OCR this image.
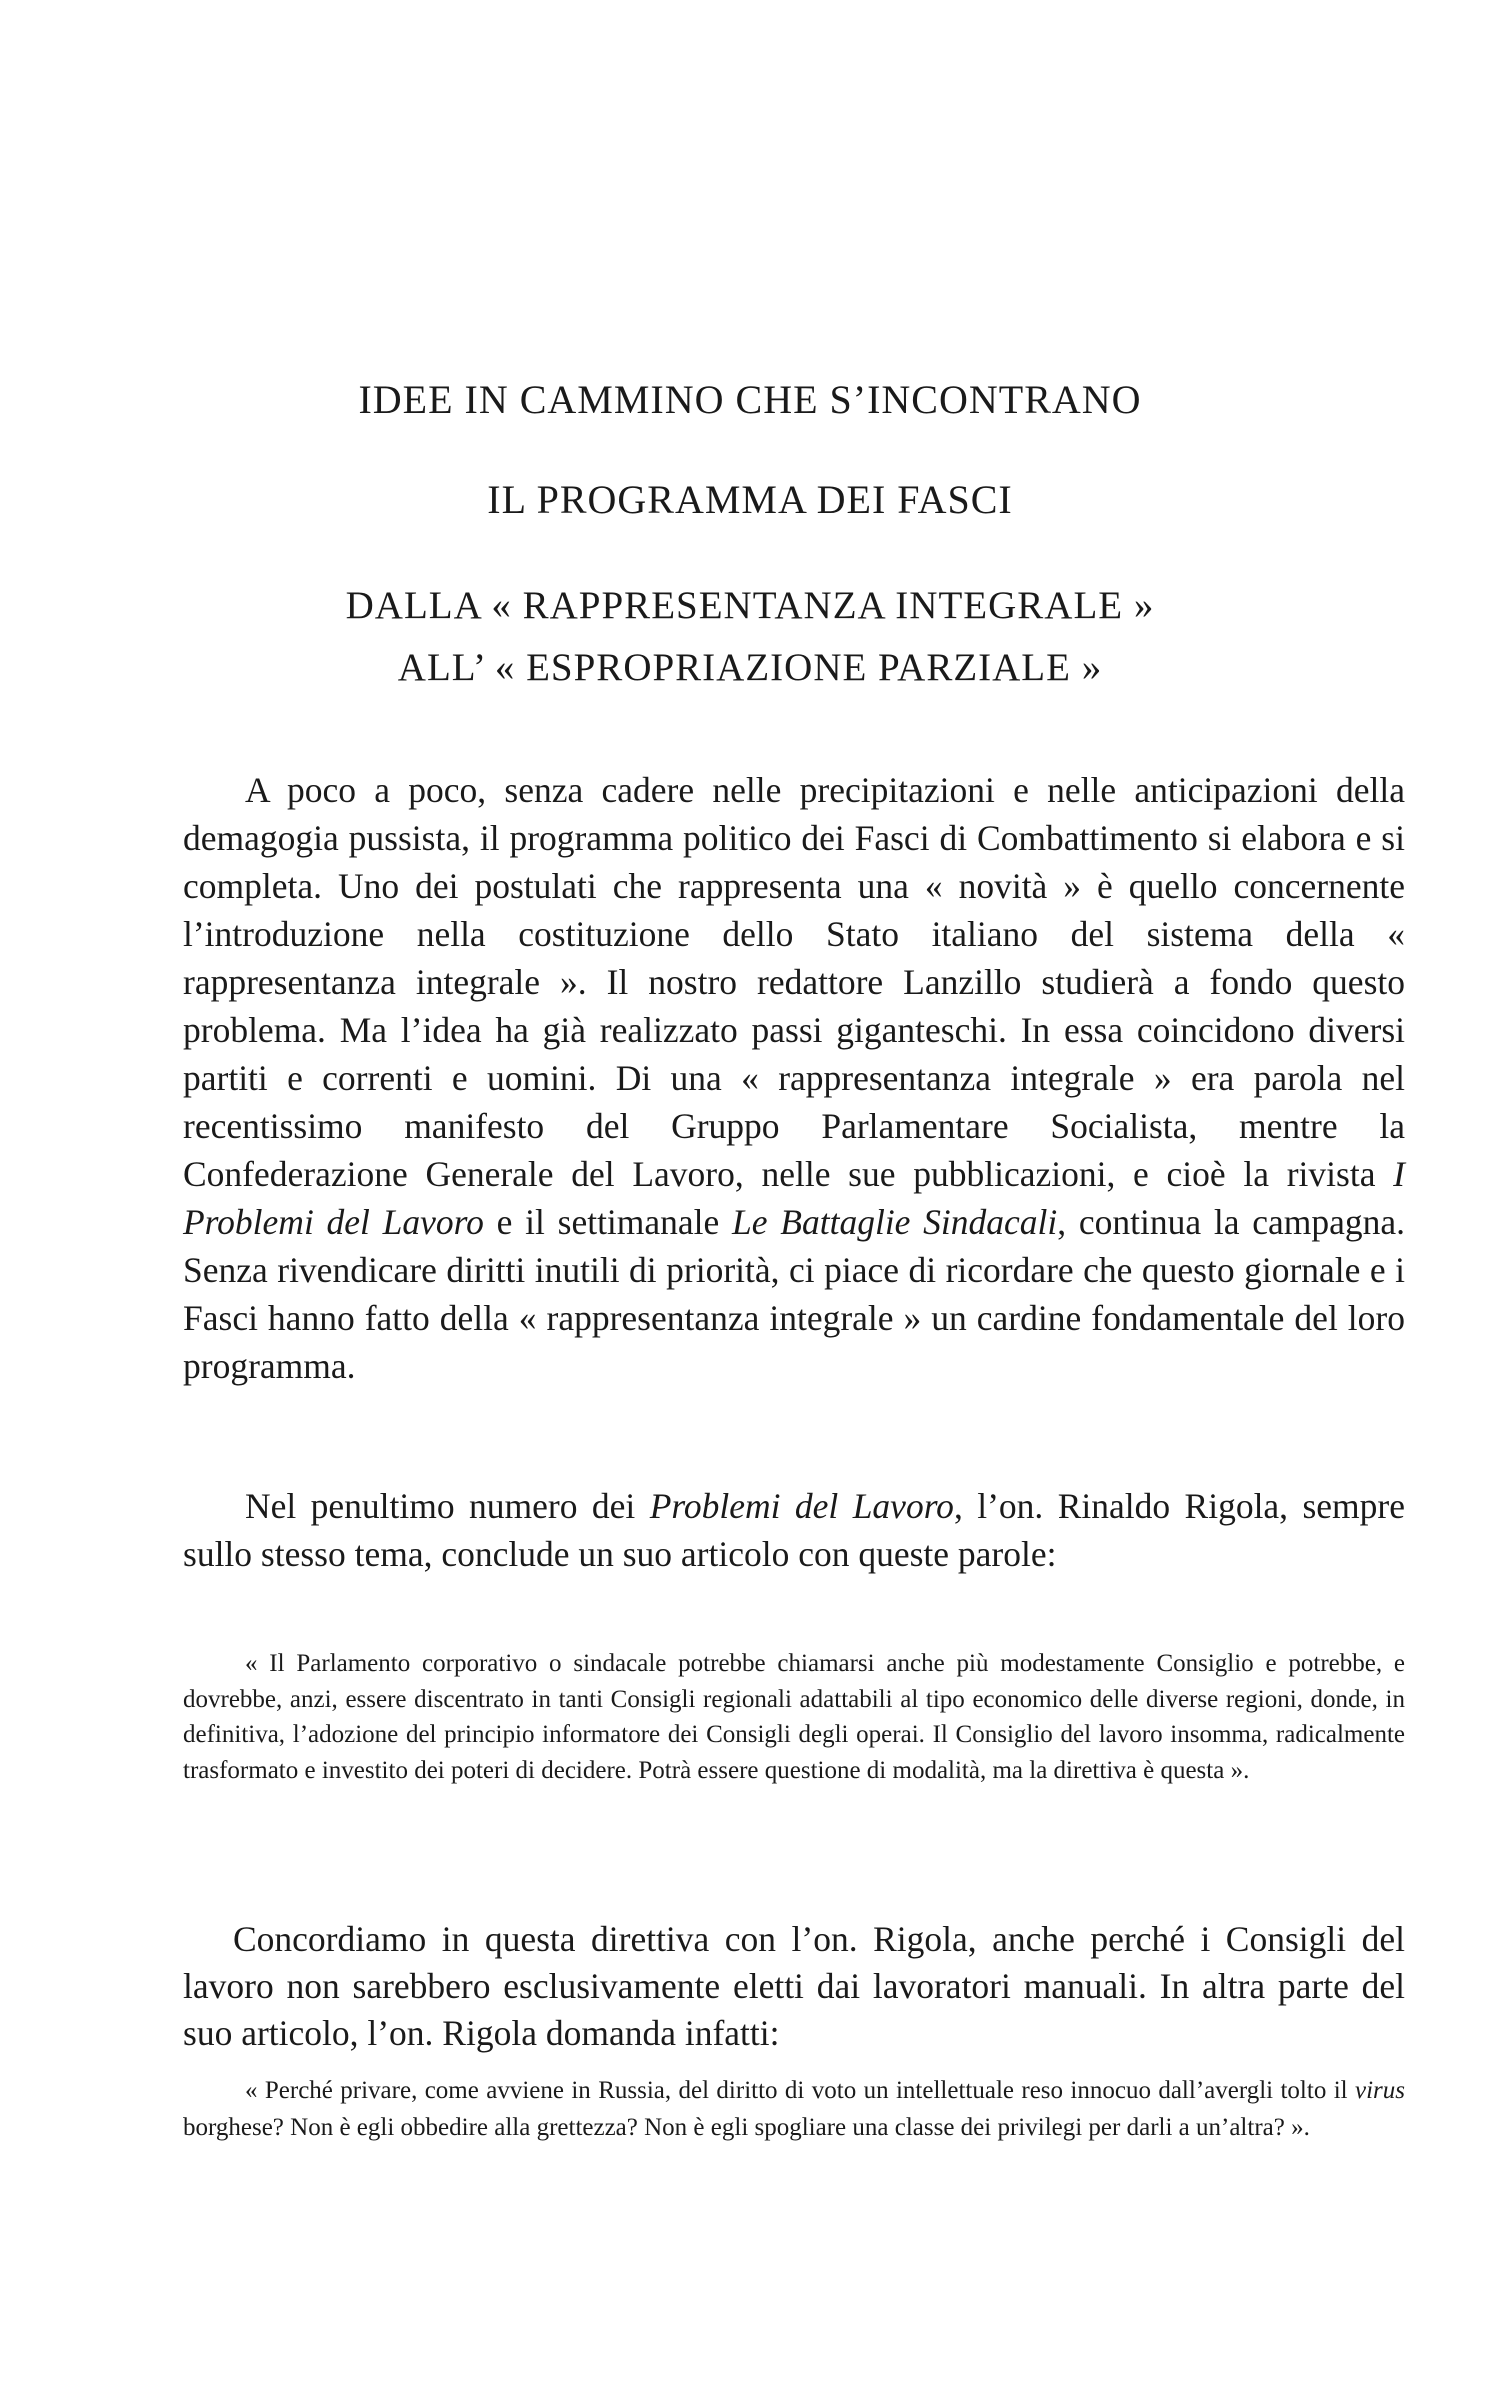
IDEE IN CAMMINO CHE S’INCONTRANO
IL PROGRAMMA DEI FASCI
DALLA « RAPPRESENTANZA INTEGRALE »
ALL’ « ESPROPRIAZIONE PARZIALE »

A poco a poco, senza cadere nelle precipitazioni e nelle anticipazioni della demagogia pussista, il programma politico dei Fasci di Combattimento si elabora e si completa. Uno dei postulati che rappresenta una « novità » è quello concernente l’introduzione nella costituzione dello Stato italiano del sistema della « rappresentanza integrale ». Il nostro redattore Lanzillo studierà a fondo questo problema. Ma l’idea ha già realizzato passi giganteschi. In essa coincidono diversi partiti e correnti e uomini. Di una « rappresentanza integrale » era parola nel recentissimo manifesto del Gruppo Parlamentare Socialista, mentre la Confederazione Generale del Lavoro, nelle sue pubblicazioni, e cioè la rivista I Problemi del Lavoro e il settimanale Le Battaglie Sindacali, continua la campagna. Senza rivendicare diritti inutili di priorità, ci piace di ricordare che questo giornale e i Fasci hanno fatto della « rappresentanza integrale » un cardine fondamentale del loro programma.

Nel penultimo numero dei Problemi del Lavoro, l’on. Rinaldo Rigola, sempre sullo stesso tema, conclude un suo articolo con queste parole:

« Il Parlamento corporativo o sindacale potrebbe chiamarsi anche più modestamente Consiglio e potrebbe, e dovrebbe, anzi, essere discentrato in tanti Consigli regionali adattabili al tipo economico delle diverse regioni, donde, in definitiva, l’adozione del principio informatore dei Consigli degli operai. Il Consiglio del lavoro insomma, radicalmente trasformato e investito dei poteri di decidere. Potrà essere questione di modalità, ma la direttiva è questa ».

Concordiamo in questa direttiva con l’on. Rigola, anche perché i Consigli del lavoro non sarebbero esclusivamente eletti dai lavoratori manuali. In altra parte del suo articolo, l’on. Rigola domanda infatti:

« Perché privare, come avviene in Russia, del diritto di voto un intellettuale reso innocuo dall’avergli tolto il virus borghese? Non è egli obbedire alla grettezza? Non è egli spogliare una classe dei privilegi per darli a un’altra? ».
